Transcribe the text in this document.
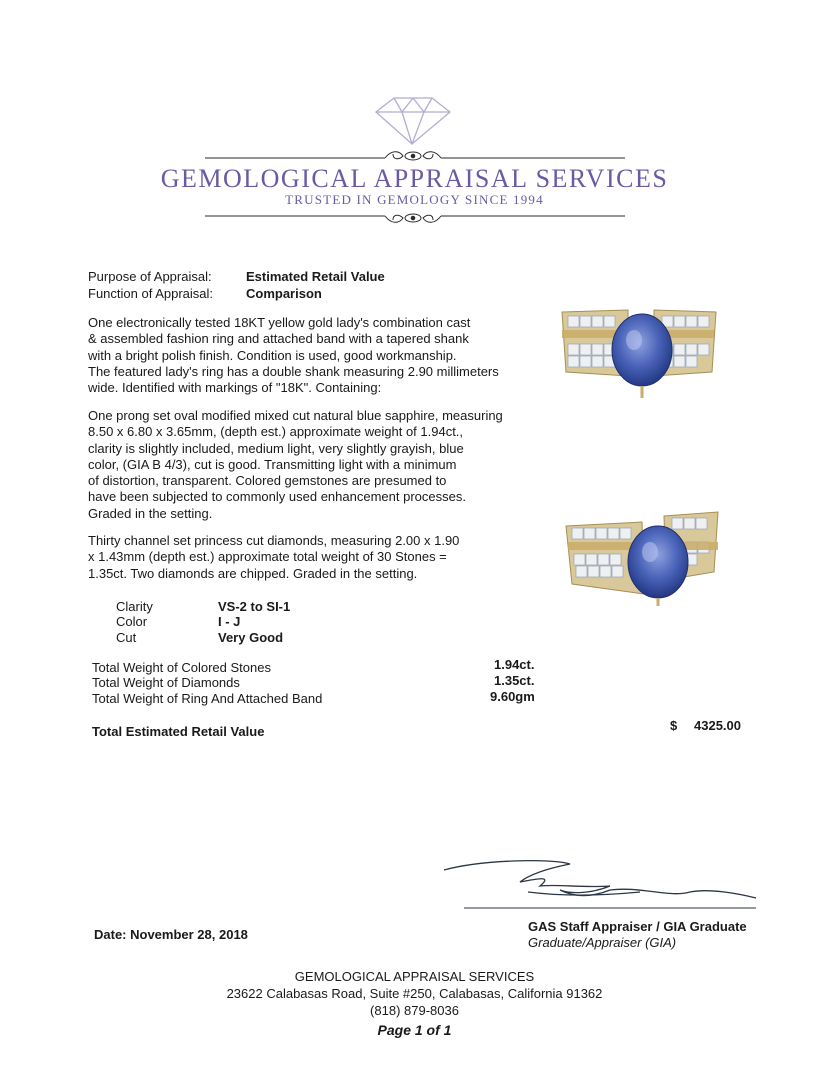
GEMOLOGICAL APPRAISAL SERVICES
TRUSTED IN GEMOLOGY SINCE 1994
Purpose of Appraisal:	Estimated Retail Value
Function of Appraisal:	Comparison

One electronically tested 18KT yellow gold lady's combination cast

& assembled fashion ring and attached band with a tapered shank

with a bright polish finish. Condition is used, good workmanship.

The featured lady's ring has a double shank measuring 2.90 millimeters

wide. Identified with markings of "18K". Containing:

One prong set oval modified mixed cut natural blue sapphire, measuring

8.50 x 6.80 x 3.65mm, (depth est.) approximate weight of 1.94ct.,

clarity is slightly included, medium light, very slightly grayish, blue

color, (GIA B 4/3), cut is good. Transmitting light with a minimum

of distortion, transparent. Colored gemstones are presumed to

have been subjected to commonly used enhancement processes.

Graded in the setting.

Thirty channel set princess cut diamonds, measuring 2.00 x 1.90

x 1.43mm (depth est.) approximate total weight of 30 Stones =

1.35ct. Two diamonds are chipped. Graded in the setting.

Clarity	VS-2 to SI-1
Color	I - J
Cut	Very Good
Total Weight of Colored Stones	1.94ct.
Total Weight of Diamonds	1.35ct.
Total Weight of Ring And Attached Band	9.60gm
Total Estimated Retail Value	$ 4325.00
Date: November 28, 2018
GAS Staff Appraiser / GIA Graduate
Graduate/Appraiser (GIA)
GEMOLOGICAL APPRAISAL SERVICES
23622 Calabasas Road, Suite #250, Calabasas, California 91362
(818) 879-8036
Page 1 of 1
